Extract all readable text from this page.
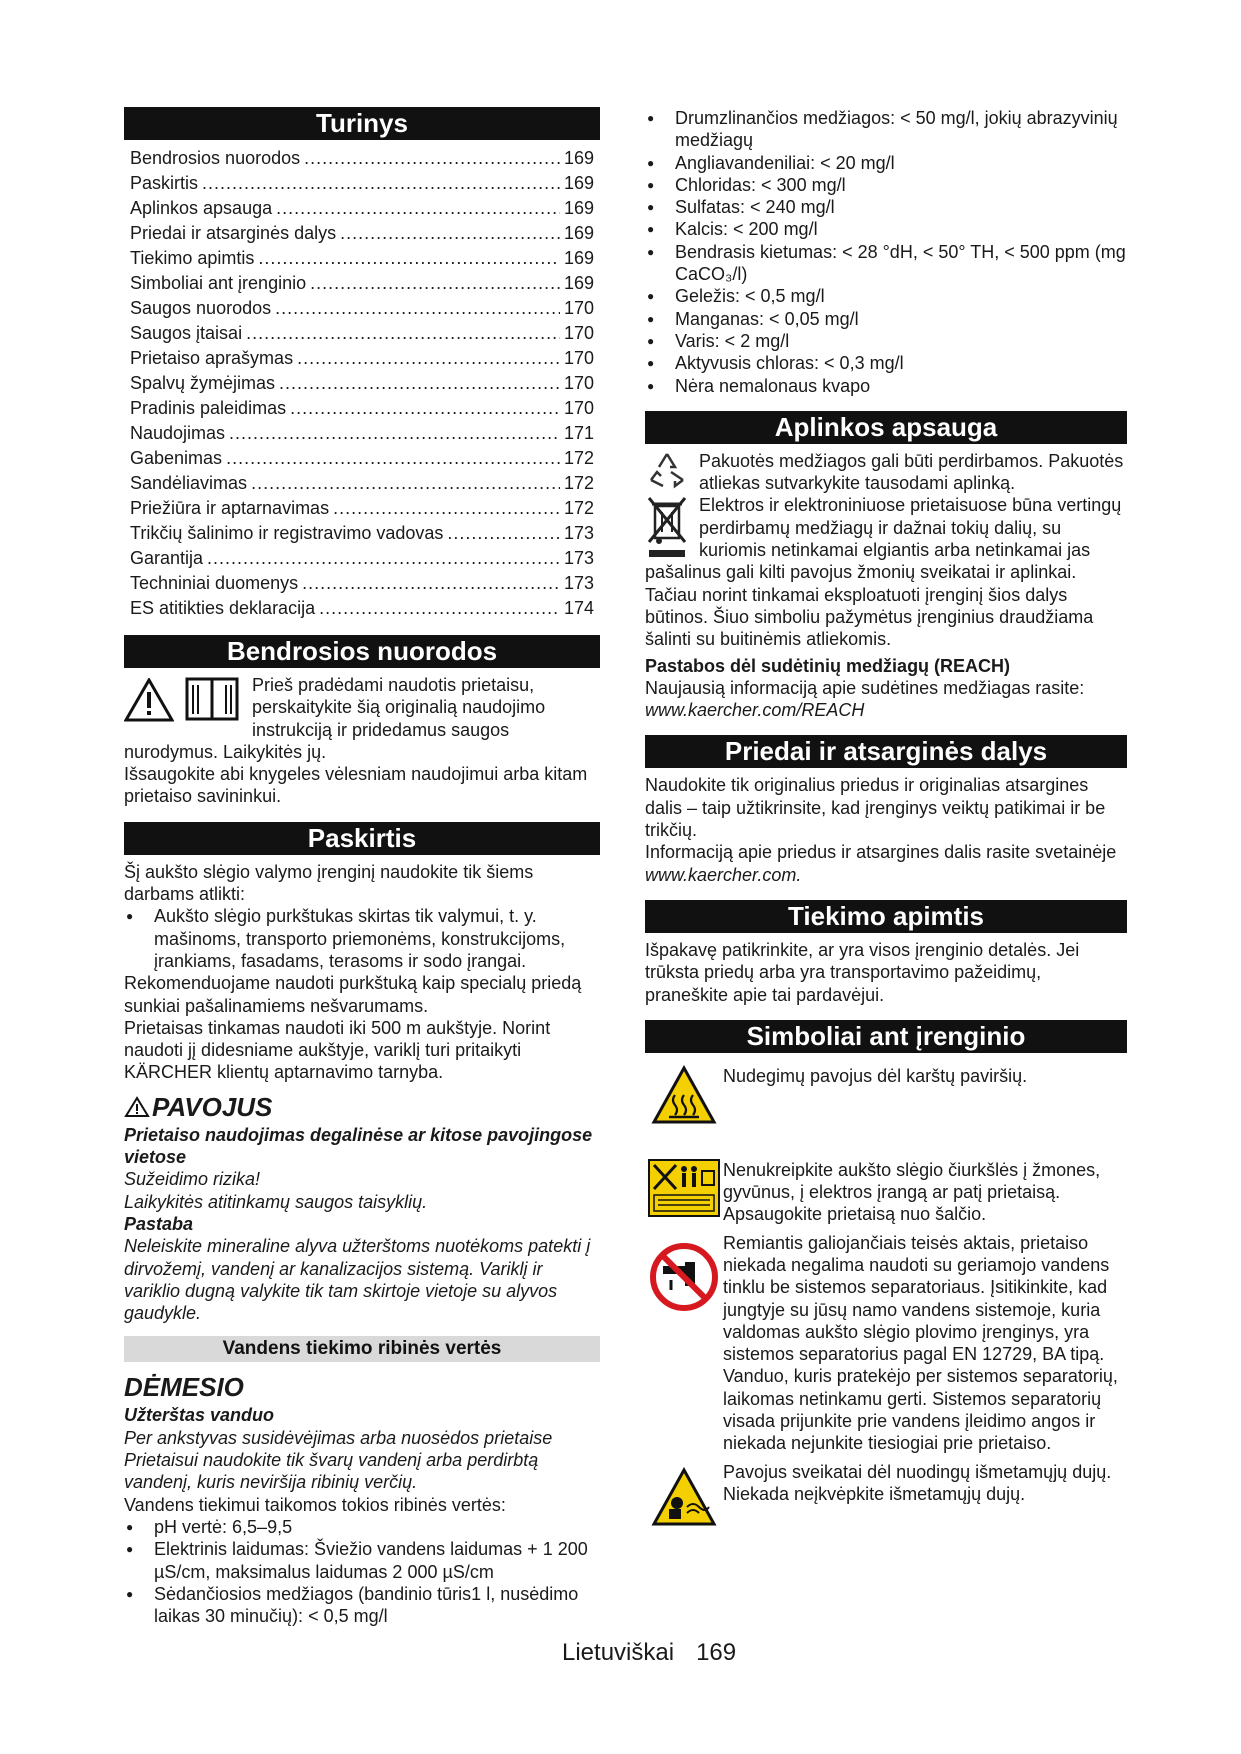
Turinys
Bendrosios nuorodos .....	169
Paskirtis .....	169
Aplinkos apsauga .....	169
Priedai ir atsarginės dalys .....	169
Tiekimo apimtis .....	169
Simboliai ant įrenginio .....	169
Saugos nuorodos .....	170
Saugos įtaisai .....	170
Prietaiso aprašymas .....	170
Spalvų žymėjimas .....	170
Pradinis paleidimas .....	170
Naudojimas .....	171
Gabenimas .....	172
Sandėliavimas .....	172
Priežiūra ir aptarnavimas .....	172
Trikčių šalinimo ir registravimo vadovas .....	173
Garantija .....	173
Techniniai duomenys .....	173
ES atitikties deklaracija .....	174
Bendrosios nuorodos

Prieš pradėdami naudotis prietaisu, perskaitykite šią originalią naudojimo instrukciją ir pridedamus saugos nurodymus. Laikykitės jų.

Išsaugokite abi knygeles vėlesniam naudojimui arba kitam prietaiso savininkui.

Paskirtis

Šį aukšto slėgio valymo įrenginį naudokite tik šiems darbams atlikti:

● Aukšto slėgio purkštukas skirtas tik valymui, t. y. mašinoms, transporto priemonėms, konstrukcijoms, įrankiams, fasadams, terasoms ir sodo įrangai.

Rekomenduojame naudoti purkštuką kaip specialų priedą sunkiai pašalinamiems nešvarumams.

Prietaisas tinkamas naudoti iki 500 m aukštyje. Norint naudoti jį didesniame aukštyje, variklį turi pritaikyti KÄRCHER klientų aptarnavimo tarnyba.

PAVOJUS

Prietaiso naudojimas degalinėse ar kitose pavojingose vietose

Sužeidimo rizika!

Laikykitės atitinkamų saugos taisyklių.

Pastaba

Neleiskite mineraline alyva užterštoms nuotėkoms patekti į dirvožemį, vandenį ar kanalizacijos sistemą. Variklį ir variklio dugną valykite tik tam skirtoje vietoje su alyvos gaudykle.

Vandens tiekimo ribinės vertės
DĖMESIO

Užterštas vanduo

Per ankstyvas susidėvėjimas arba nuosėdos prietaise

Prietaisui naudokite tik švarų vandenį arba perdirbtą vandenį, kuris neviršija ribinių verčių.

Vandens tiekimui taikomos tokios ribinės vertės:

● pH vertė: 6,5–9,5
● Elektrinis laidumas: Šviežio vandens laidumas + 1 200 µS/cm, maksimalus laidumas 2 000 µS/cm
● Sėdančiosios medžiagos (bandinio tūris1 l, nusėdimo laikas 30 minučių): < 0,5 mg/l
● Drumzlinančios medžiagos: < 50 mg/l, jokių abrazyvinių medžiagų
● Angliavandeniliai: < 20 mg/l
● Chloridas: < 300 mg/l
● Sulfatas: < 240 mg/l
● Kalcis: < 200 mg/l
● Bendrasis kietumas: < 28 °dH, < 50° TH, < 500 ppm (mg CaCO₃/l)
● Geležis: < 0,5 mg/l
● Manganas: < 0,05 mg/l
● Varis: < 2 mg/l
● Aktyvusis chloras: < 0,3 mg/l
● Nėra nemalonaus kvapo
Aplinkos apsauga

Pakuotės medžiagos gali būti perdirbamos. Pakuotės atliekas sutvarkykite tausodami aplinką.

Elektros ir elektroniniuose prietaisuose būna vertingų perdirbamų medžiagų ir dažnai tokių dalių, su kuriomis netinkamai elgiantis arba netinkamai jas pašalinus gali kilti pavojus žmonių sveikatai ir aplinkai. Tačiau norint tinkamai eksploatuoti įrenginį šios dalys būtinos. Šiuo simboliu pažymėtus įrenginius draudžiama šalinti su buitinėmis atliekomis.

Pastabos dėl sudėtinių medžiagų (REACH)

Naujausią informaciją apie sudėtines medžiagas rasite:

www.kaercher.com/REACH

Priedai ir atsarginės dalys

Naudokite tik originalius priedus ir originalias atsargines dalis – taip užtikrinsite, kad įrenginys veiktų patikimai ir be trikčių.

Informaciją apie priedus ir atsargines dalis rasite svetainėje www.kaercher.com.

Tiekimo apimtis

Išpakavę patikrinkite, ar yra visos įrenginio detalės. Jei trūksta priedų arba yra transportavimo pažeidimų, praneškite apie tai pardavėjui.

Simboliai ant įrenginio
Nudegimų pavojus dėl karštų paviršių.
Nenukreipkite aukšto slėgio čiurkšlės į žmones, gyvūnus, į elektros įrangą ar patį prietaisą.
Apsaugokite prietaisą nuo šalčio.
Remiantis galiojančiais teisės aktais, prietaiso niekada negalima naudoti su geriamojo vandens tinklu be sistemos separatoriaus. Įsitikinkite, kad jungtyje su jūsų namo vandens sistemoje, kuria valdomas aukšto slėgio plovimo įrenginys, yra sistemos separatorius pagal EN 12729, BA tipą. Vanduo, kuris pratekėjo per sistemos separatorių, laikomas netinkamu gerti. Sistemos separatorių visada prijunkite prie vandens įleidimo angos ir niekada nejunkite tiesiogiai prie prietaiso.
Pavojus sveikatai dėl nuodingų išmetamųjų dujų. Niekada neįkvėpkite išmetamųjų dujų.
Lietuviškai 169
